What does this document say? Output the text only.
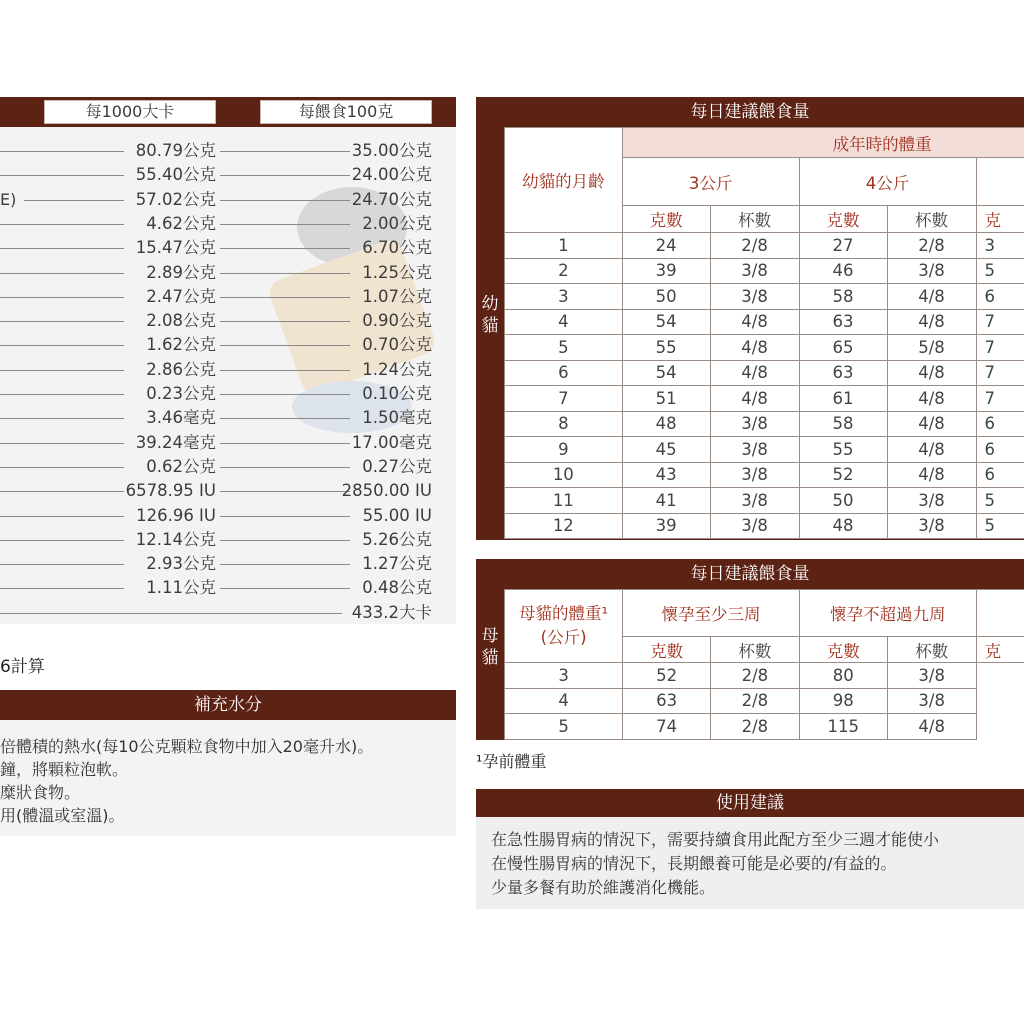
每1000大卡	每餵食100克
80.79公克	35.00公克
55.40公克	24.00公克
E)	57.02公克	24.70公克
4.62公克	2.00公克
15.47公克	6.70公克
2.89公克	1.25公克
2.47公克	1.07公克
2.08公克	0.90公克
1.62公克	0.70公克
2.86公克	1.24公克
0.23公克	0.10公克
3.46毫克	1.50毫克
39.24毫克	17.00毫克
0.62公克	0.27公克
6578.95 IU	2850.00 IU
126.96 IU	55.00 IU
12.14公克	5.26公克
2.93公克	1.27公克
1.11公克	0.48公克
433.2大卡
6計算
補充水分
倍體積的熱水(每10公克顆粒食物中加入20毫升水)。
鐘，將顆粒泡軟。
糜狀食物。
用(體溫或室溫)。
每日建議餵食量
幼貓
幼貓的月齡	成年時的體重				
	3公斤		4公斤		
	克數	杯數	克數	杯數	克
1	24	2/8	27	2/8	3
2	39	3/8	46	3/8	5
3	50	3/8	58	4/8	6
4	54	4/8	63	4/8	7
5	55	4/8	65	5/8	7
6	54	4/8	63	4/8	7
7	51	4/8	61	4/8	7
8	48	3/8	58	4/8	6
9	45	3/8	55	4/8	6
10	43	3/8	52	4/8	6
11	41	3/8	50	3/8	5
12	39	3/8	48	3/8	5
每日建議餵食量
母貓
母貓的體重¹
(公斤)	懷孕至少三周		懷孕不超過九周		
	克數	杯數	克數	杯數	克
3	52	2/8	80	3/8	
4	63	2/8	98	3/8	
5	74	2/8	115	4/8	
¹孕前體重
使用建議
在急性腸胃病的情況下，需要持續食用此配方至少三週才能使小
在慢性腸胃病的情況下，長期餵養可能是必要的/有益的。
少量多餐有助於維護消化機能。
